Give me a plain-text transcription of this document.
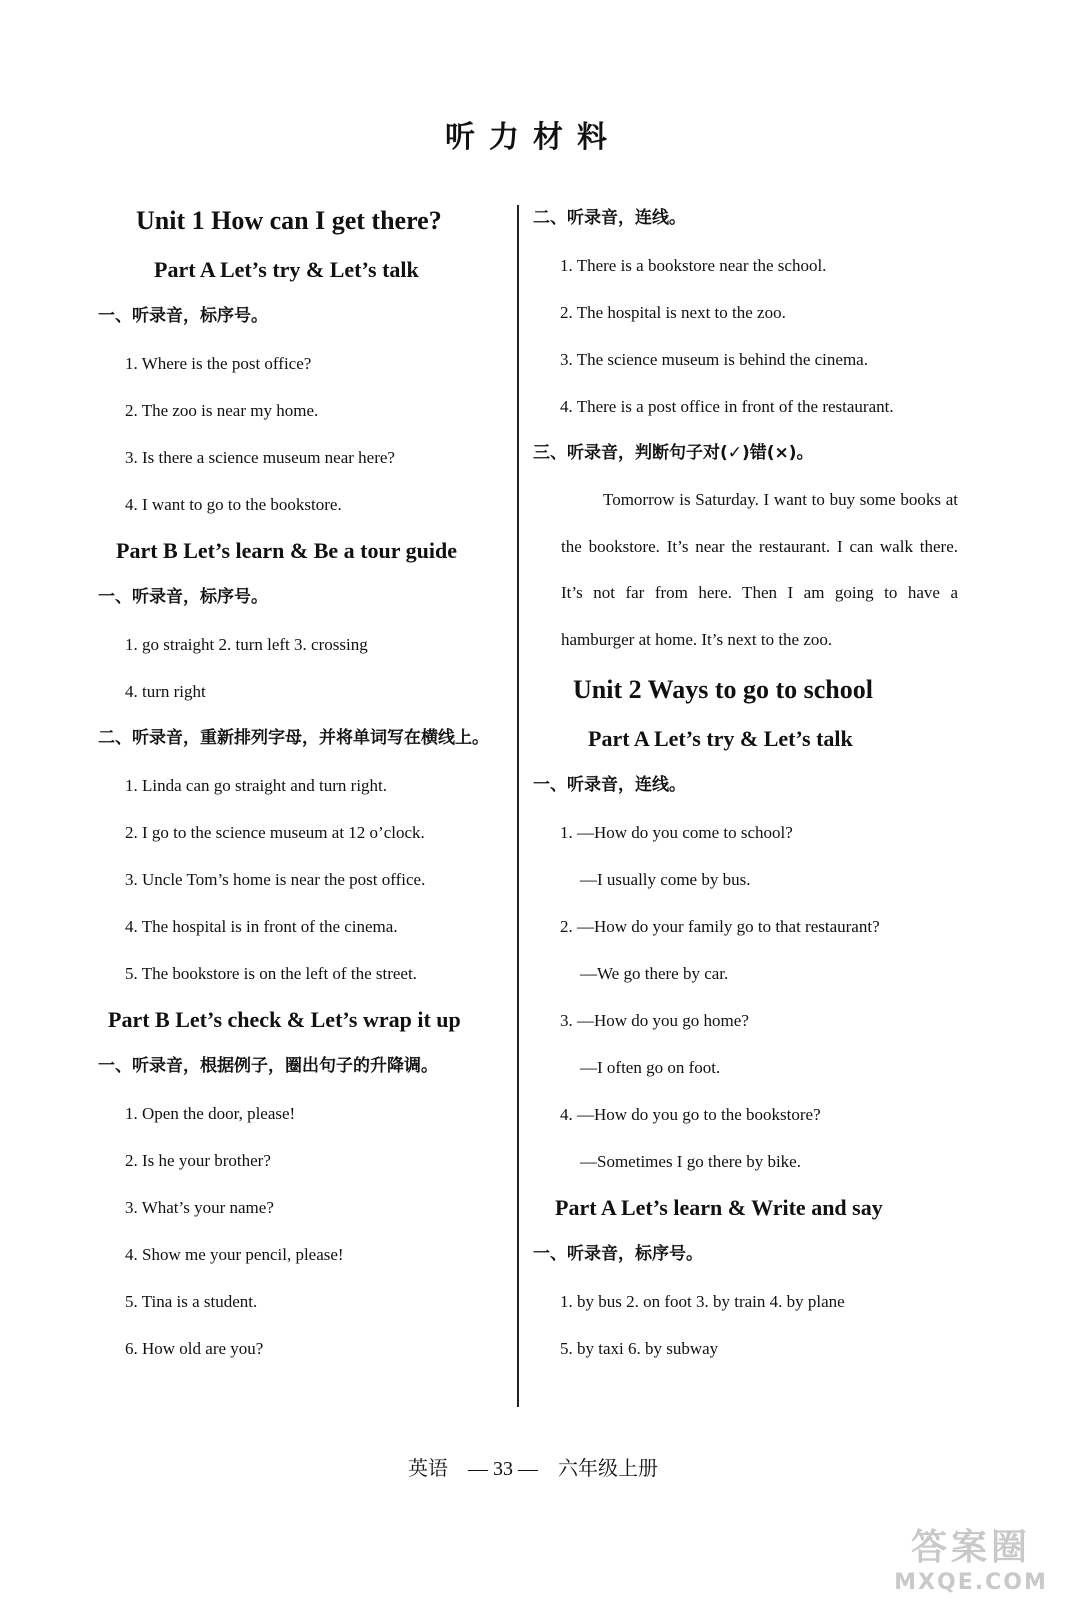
听力材料
Unit 1 How can I get there?
Part A Let’s try & Let’s talk
一、听录音，标序号。
1. Where is the post office?
2. The zoo is near my home.
3. Is there a science museum near here?
4. I want to go to the bookstore.
Part B Let’s learn & Be a tour guide
一、听录音，标序号。
1. go straight 2. turn left 3. crossing
4. turn right
二、听录音，重新排列字母，并将单词写在横线上。
1. Linda can go straight and turn right.
2. I go to the science museum at 12 o’clock.
3. Uncle Tom’s home is near the post office.
4. The hospital is in front of the cinema.
5. The bookstore is on the left of the street.
Part B Let’s check & Let’s wrap it up
一、听录音，根据例子，圈出句子的升降调。
1. Open the door, please!
2. Is he your brother?
3. What’s your name?
4. Show me your pencil, please!
5. Tina is a student.
6. How old are you?
二、听录音，连线。
1. There is a bookstore near the school.
2. The hospital is next to the zoo.
3. The science museum is behind the cinema.
4. There is a post office in front of the restaurant.
三、听录音，判断句子对(✓)错(×)。
Tomorrow is Saturday. I want to buy some books at the bookstore. It’s near the restaurant. I can walk there. It’s not far from here. Then I am going to have a hamburger at home. It’s next to the zoo.
Unit 2 Ways to go to school
Part A Let’s try & Let’s talk
一、听录音，连线。
1. —How do you come to school?
—I usually come by bus.
2. —How do your family go to that restaurant?
—We go there by car.
3. —How do you go home?
—I often go on foot.
4. —How do you go to the bookstore?
—Sometimes I go there by bike.
Part A Let’s learn & Write and say
一、听录音，标序号。
1. by bus 2. on foot 3. by train 4. by plane
5. by taxi 6. by subway
英语    — 33 —    六年级上册
答案圈
MXQE.COM
